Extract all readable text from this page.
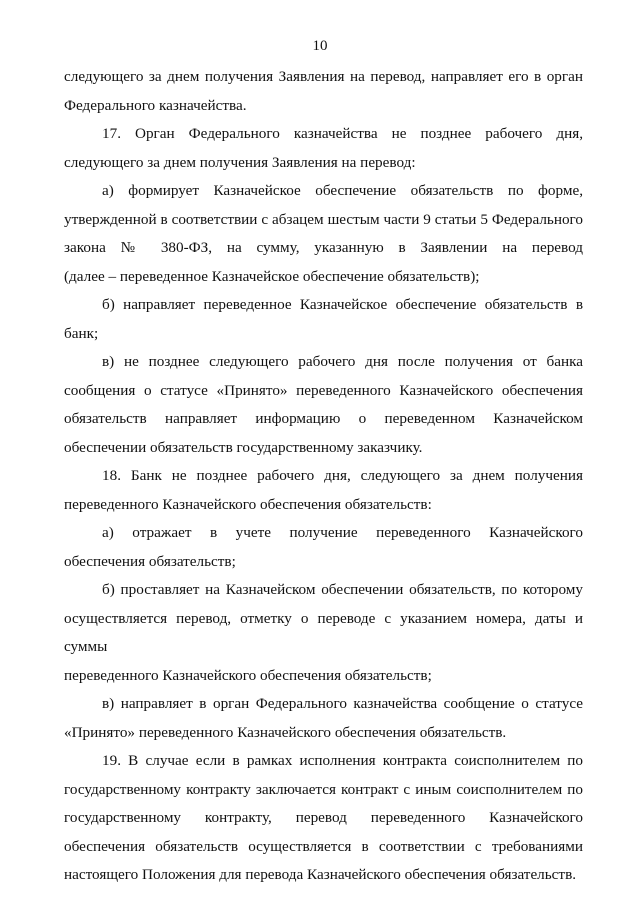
10
следующего за днем получения Заявления на перевод, направляет его в орган
Федерального казначейства.
17. Орган Федерального казначейства не позднее рабочего дня,
следующего за днем получения Заявления на перевод:
а) формирует Казначейское обеспечение обязательств по форме,
утвержденной в соответствии с абзацем шестым части 9 статьи 5 Федерального
закона № 380-ФЗ, на сумму, указанную в Заявлении на перевод
(далее – переведенное Казначейское обеспечение обязательств);
б) направляет переведенное Казначейское обеспечение обязательств в
банк;
в) не позднее следующего рабочего дня после получения от банка
сообщения о статусе «Принято» переведенного Казначейского обеспечения
обязательств направляет информацию о переведенном Казначейском
обеспечении обязательств государственному заказчику.
18. Банк не позднее рабочего дня, следующего за днем получения
переведенного Казначейского обеспечения обязательств:
а) отражает в учете получение переведенного Казначейского
обеспечения обязательств;
б) проставляет на Казначейском обеспечении обязательств, по которому
осуществляется перевод, отметку о переводе с указанием номера, даты и суммы
переведенного Казначейского обеспечения обязательств;
в) направляет в орган Федерального казначейства сообщение о статусе
«Принято» переведенного Казначейского обеспечения обязательств.
19. В случае если в рамках исполнения контракта соисполнителем по
государственному контракту заключается контракт с иным соисполнителем по
государственному контракту, перевод переведенного Казначейского
обеспечения обязательств осуществляется в соответствии с требованиями
настоящего Положения для перевода Казначейского обеспечения обязательств.
